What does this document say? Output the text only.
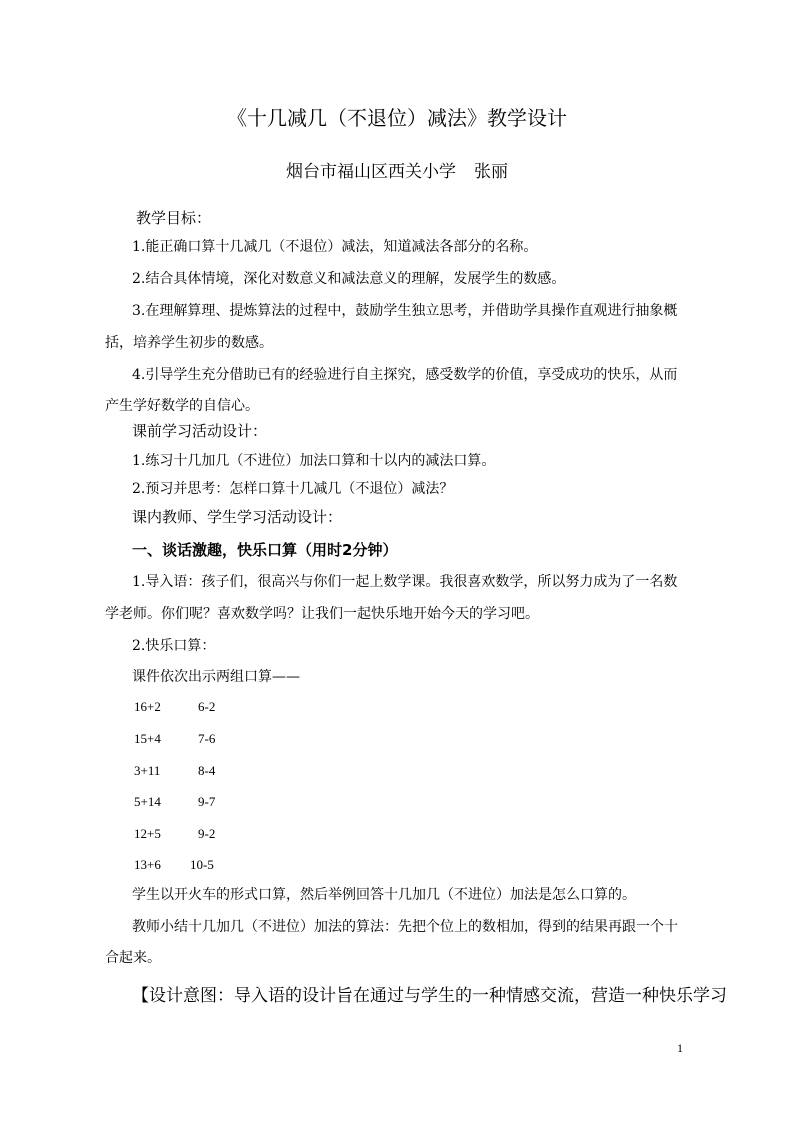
《十几减几（不退位）减法》教学设计
烟台市福山区西关小学 张丽
教学目标：
1.能正确口算十几减几（不退位）减法，知道减法各部分的名称。
2.结合具体情境，深化对数意义和减法意义的理解，发展学生的数感。
3.在理解算理、提炼算法的过程中，鼓励学生独立思考，并借助学具操作直观进行抽象概
括，培养学生初步的数感。
4.引导学生充分借助已有的经验进行自主探究，感受数学的价值，享受成功的快乐，从而
产生学好数学的自信心。
课前学习活动设计：
1.练习十几加几（不进位）加法口算和十以内的减法口算。
2.预习并思考：怎样口算十几减几（不退位）减法？
课内教师、学生学习活动设计：
一、谈话激趣，快乐口算（用时2分钟）
1.导入语：孩子们，很高兴与你们一起上数学课。我很喜欢数学，所以努力成为了一名数
学老师。你们呢？喜欢数学吗？让我们一起快乐地开始今天的学习吧。
2.快乐口算：
课件依次出示两组口算——
16+2	6-2
15+4	7-6
3+11	8-4
5+14	9-7
12+5	9-2
13+6 10-5
学生以开火车的形式口算，然后举例回答十几加几（不进位）加法是怎么口算的。
教师小结十几加几（不进位）加法的算法：先把个位上的数相加，得到的结果再跟一个十
合起来。
【设计意图：导入语的设计旨在通过与学生的一种情感交流，营造一种快乐学习
1
